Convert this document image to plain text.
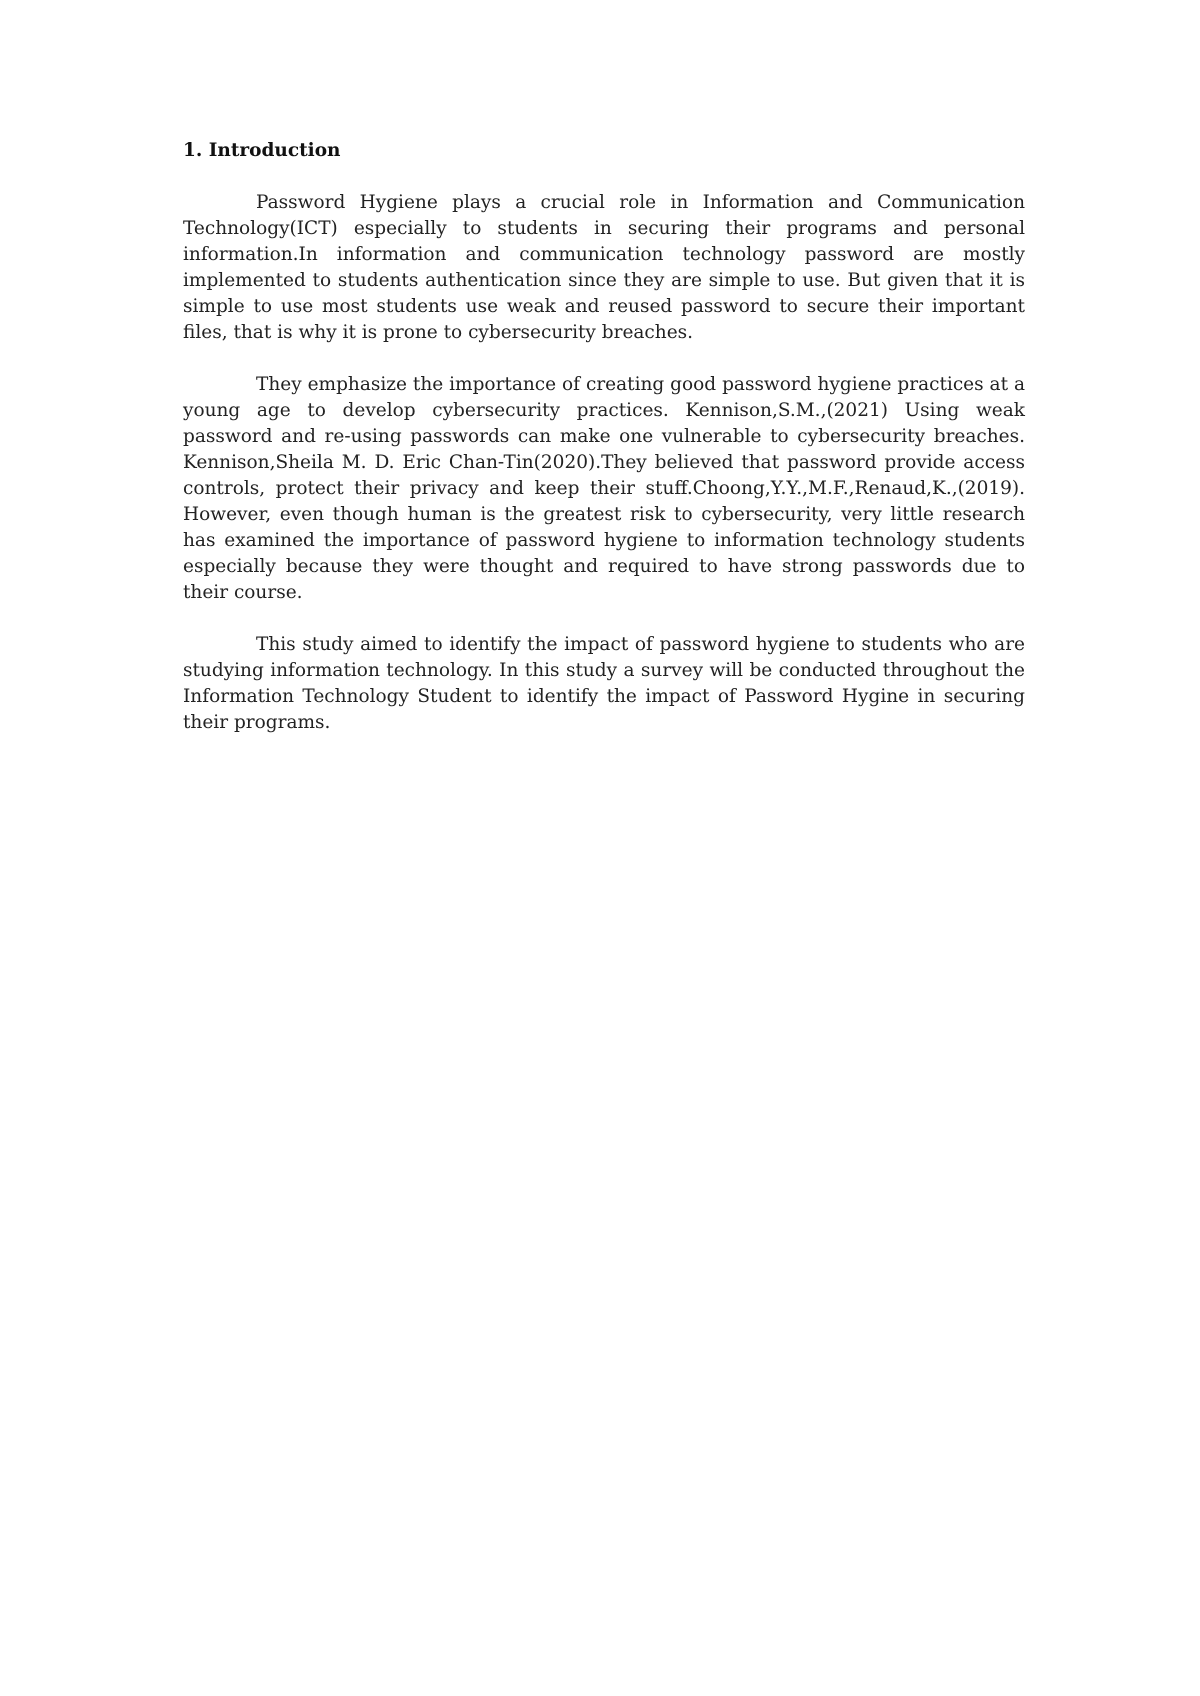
1. Introduction

Password Hygiene plays a crucial role in Information and Communication Technology(ICT) especially to students in securing their programs and personal information.In information and communication technology password are mostly implemented to students authentication since they are simple to use. But given that it is simple to use most students use weak and reused password to secure their important files, that is why it is prone to cybersecurity breaches.

They emphasize the importance of creating good password hygiene practices at a young age to develop cybersecurity practices. Kennison,S.M.,(2021) Using weak password and re-using passwords can make one vulnerable to cybersecurity breaches. Kennison,Sheila M. D. Eric Chan-Tin(2020).They believed that password provide access controls, protect their privacy and keep their stuff.Choong,Y.Y.,M.F.,Renaud,K.,(2019). However, even though human is the greatest risk to cybersecurity, very little research has examined the importance of password hygiene to information technology students especially because they were thought and required to have strong passwords due to their course.

This study aimed to identify the impact of password hygiene to students who are studying information technology. In this study a survey will be conducted throughout the Information Technology Student to identify the impact of Password Hygine in securing their programs.
